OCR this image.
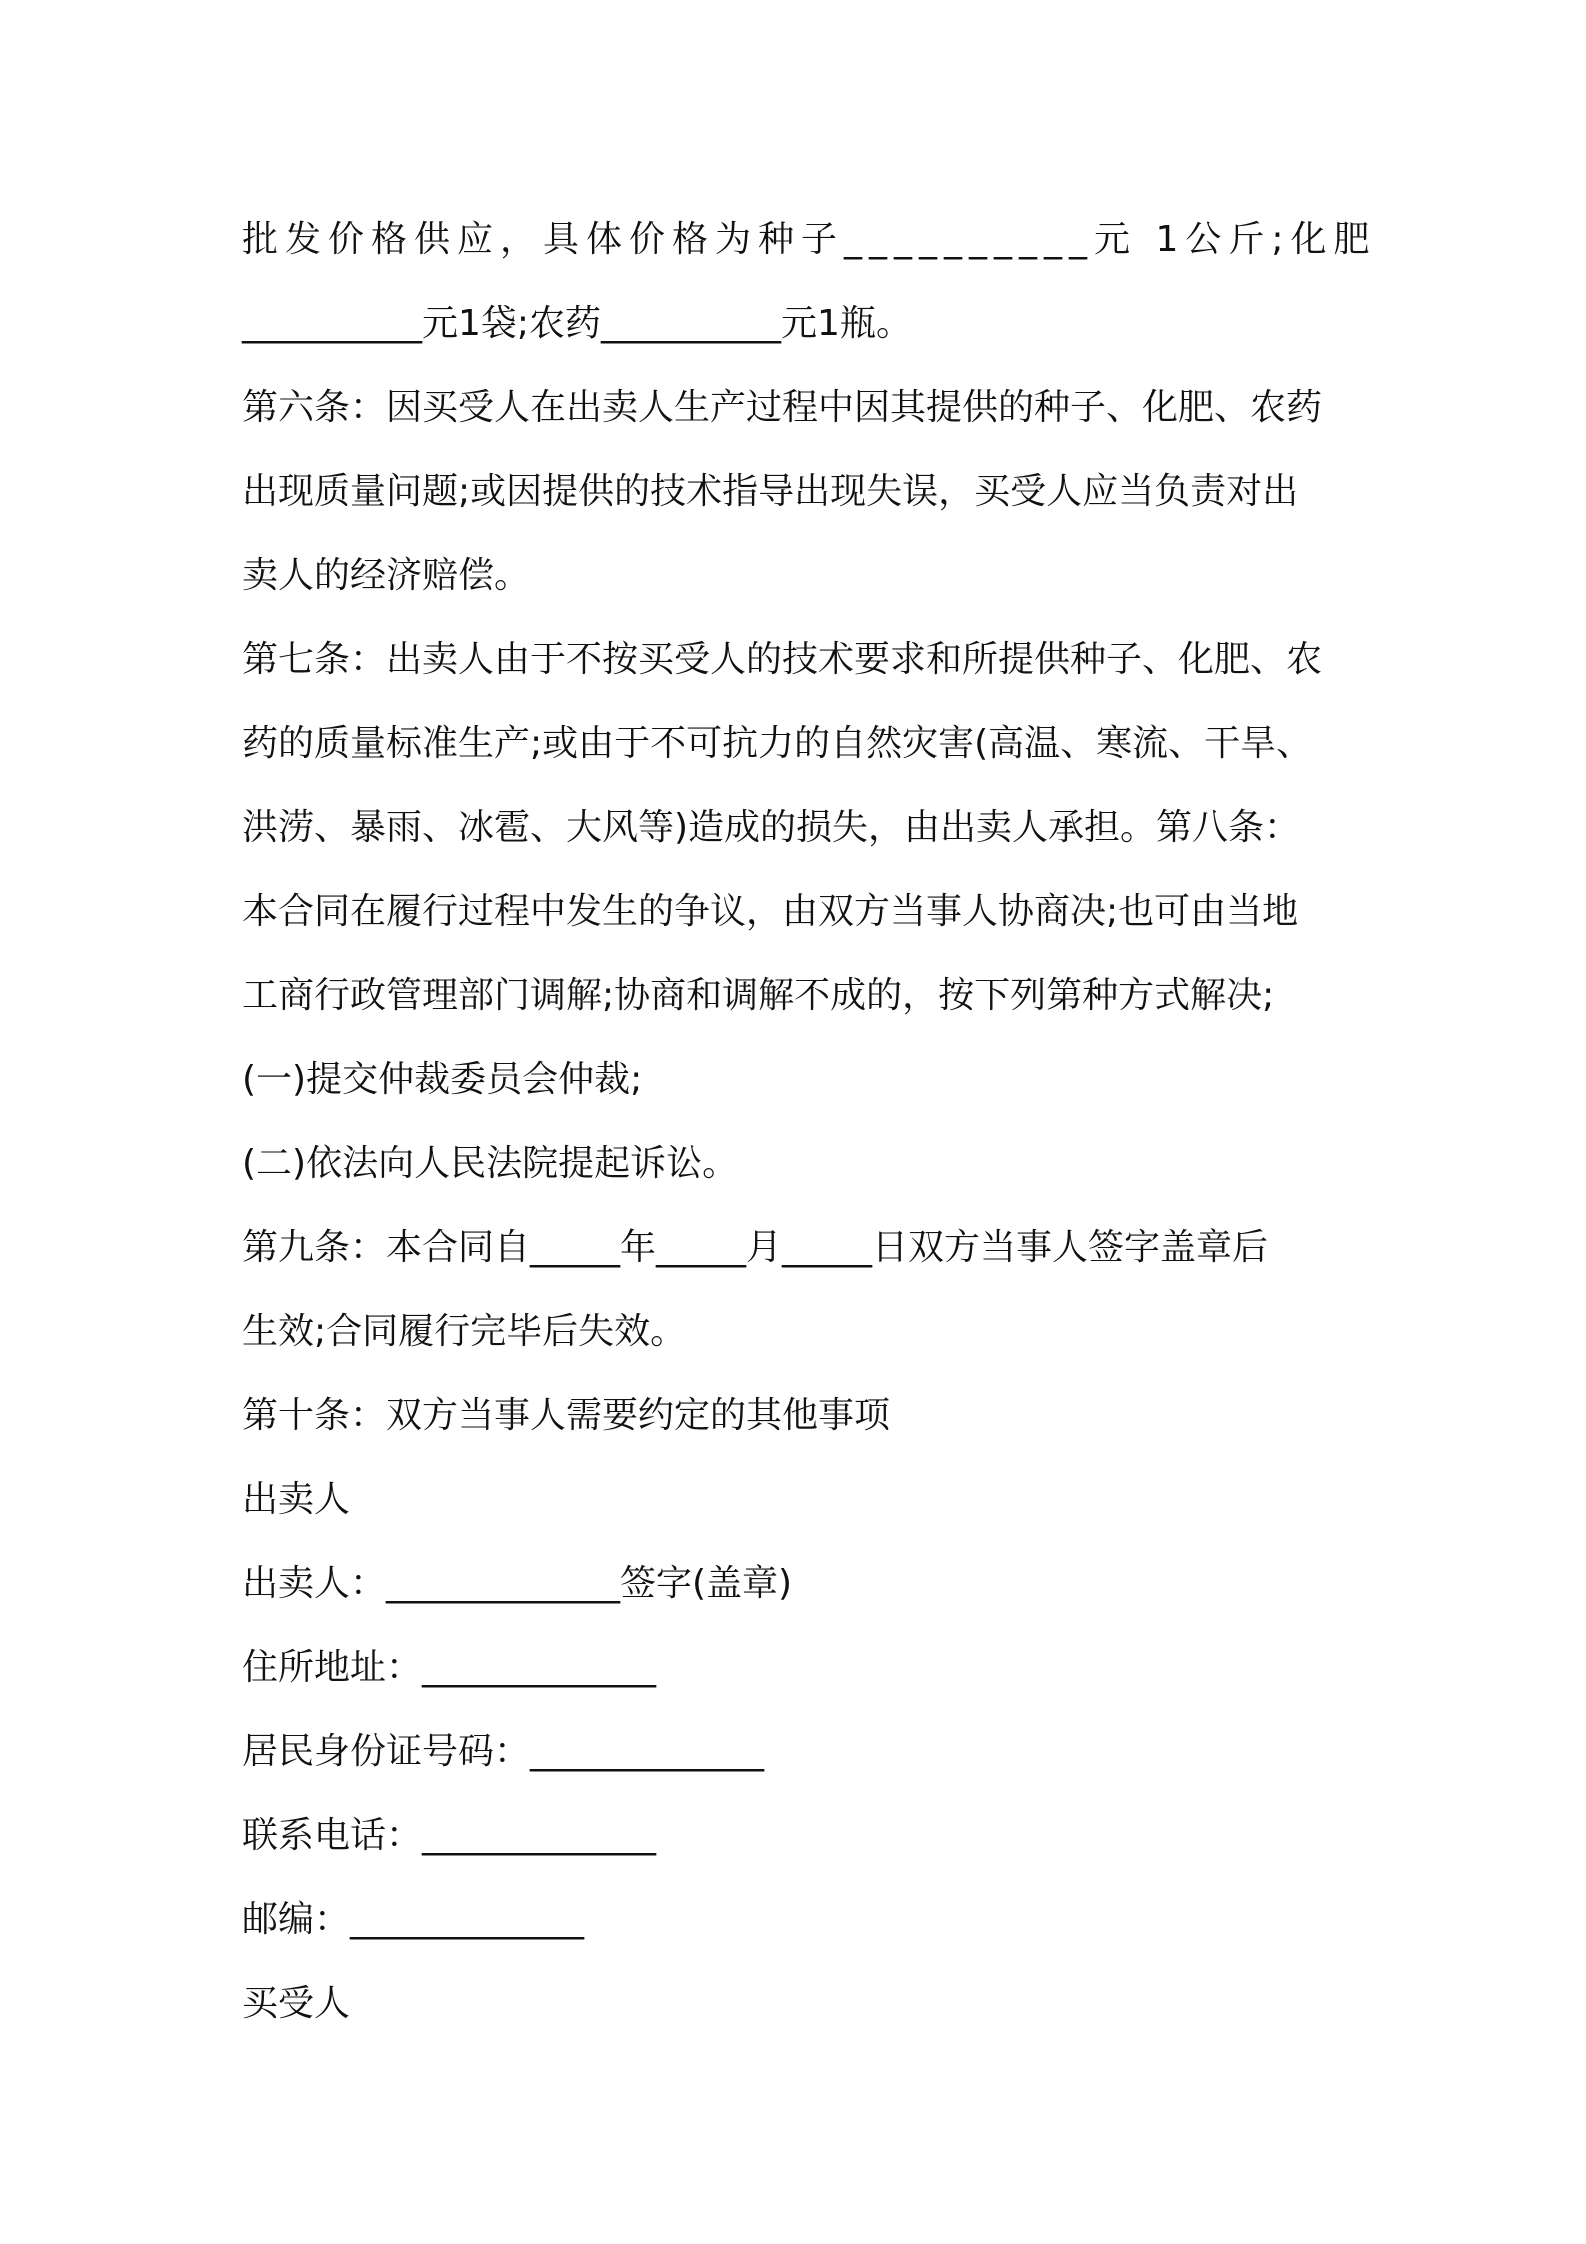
批发价格供应，具体价格为种子__________元 1公斤;化肥

__________元1袋;农药__________元1瓶。

第六条：因买受人在出卖人生产过程中因其提供的种子、化肥、农药

出现质量问题;或因提供的技术指导出现失误，买受人应当负责对出

卖人的经济赔偿。

第七条：出卖人由于不按买受人的技术要求和所提供种子、化肥、农

药的质量标准生产;或由于不可抗力的自然灾害(高温、寒流、干旱、

洪涝、暴雨、冰雹、大风等)造成的损失，由出卖人承担。第八条：

本合同在履行过程中发生的争议，由双方当事人协商决;也可由当地

工商行政管理部门调解;协商和调解不成的，按下列第种方式解决;

(一)提交仲裁委员会仲裁;

(二)依法向人民法院提起诉讼。

第九条：本合同自_____年_____月_____日双方当事人签字盖章后

生效;合同履行完毕后失效。

第十条：双方当事人需要约定的其他事项

出卖人

出卖人：_____________签字(盖章)

住所地址：_____________

居民身份证号码：_____________

联系电话：_____________

邮编：_____________

买受人
